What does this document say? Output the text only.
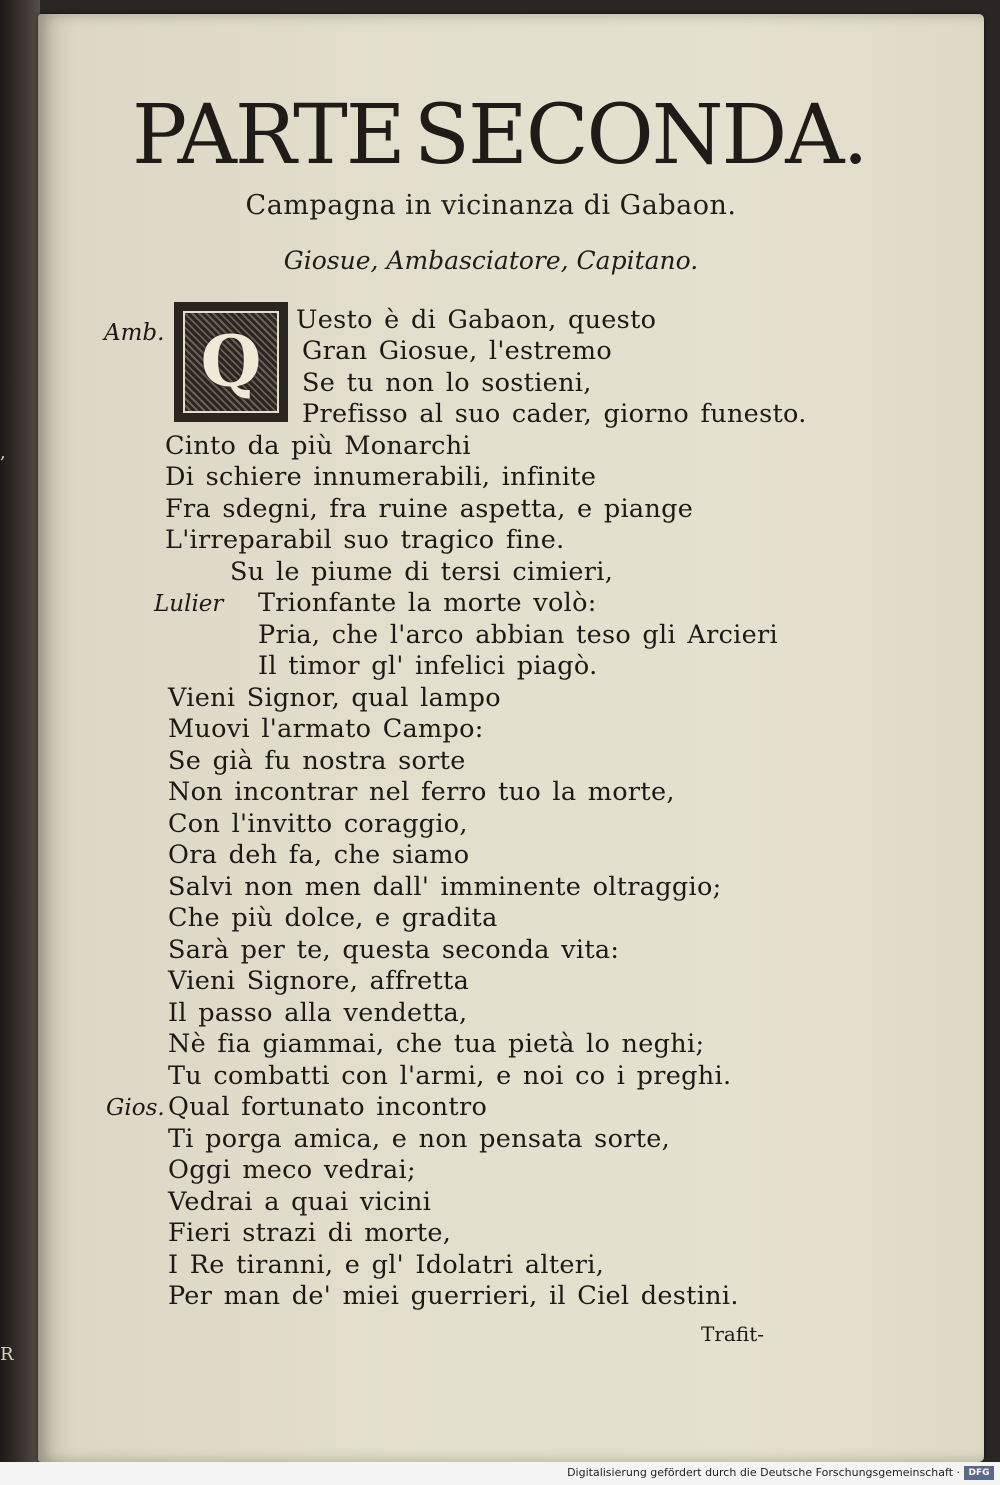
,
R
PARTE SECONDA.
Campagna in vicinanza di Gabaon.
Giosue, Ambasciatore, Capitano.
Amb. Q	Uesto è di Gabaon, questo
Gran Giosue, l'estremo
Se tu non lo sostieni,
Prefisso al suo cader, giorno funesto.
Cinto da più Monarchi
Di schiere innumerabili, infinite
Fra sdegni, fra ruine aspetta, e piange
L'irreparabil suo tragico fine.
Su le piume di tersi cimieri,
Lulier Trionfante la morte volò:
Pria, che l'arco abbian teso gli Arcieri
Il timor gl' infelici piagò.
Vieni Signor, qual lampo
Muovi l'armato Campo:
Se già fu nostra sorte
Non incontrar nel ferro tuo la morte,
Con l'invitto coraggio,
Ora deh fa, che siamo
Salvi non men dall' imminente oltraggio;
Che più dolce, e gradita
Sarà per te, questa seconda vita:
Vieni Signore, affretta
Il passo alla vendetta,
Nè fia giammai, che tua pietà lo neghi;
Tu combatti con l'armi, e noi co i preghi.
Gios. Qual fortunato incontro
Ti porga amica, e non pensata sorte,
Oggi meco vedrai;
Vedrai a quai vicini
Fieri strazi di morte,
I Re tiranni, e gl' Idolatri alteri,
Per man de' miei guerrieri, il Ciel destini.
Trafit-
Digitalisierung gefördert durch die Deutsche Forschungsgemeinschaft · DFG
